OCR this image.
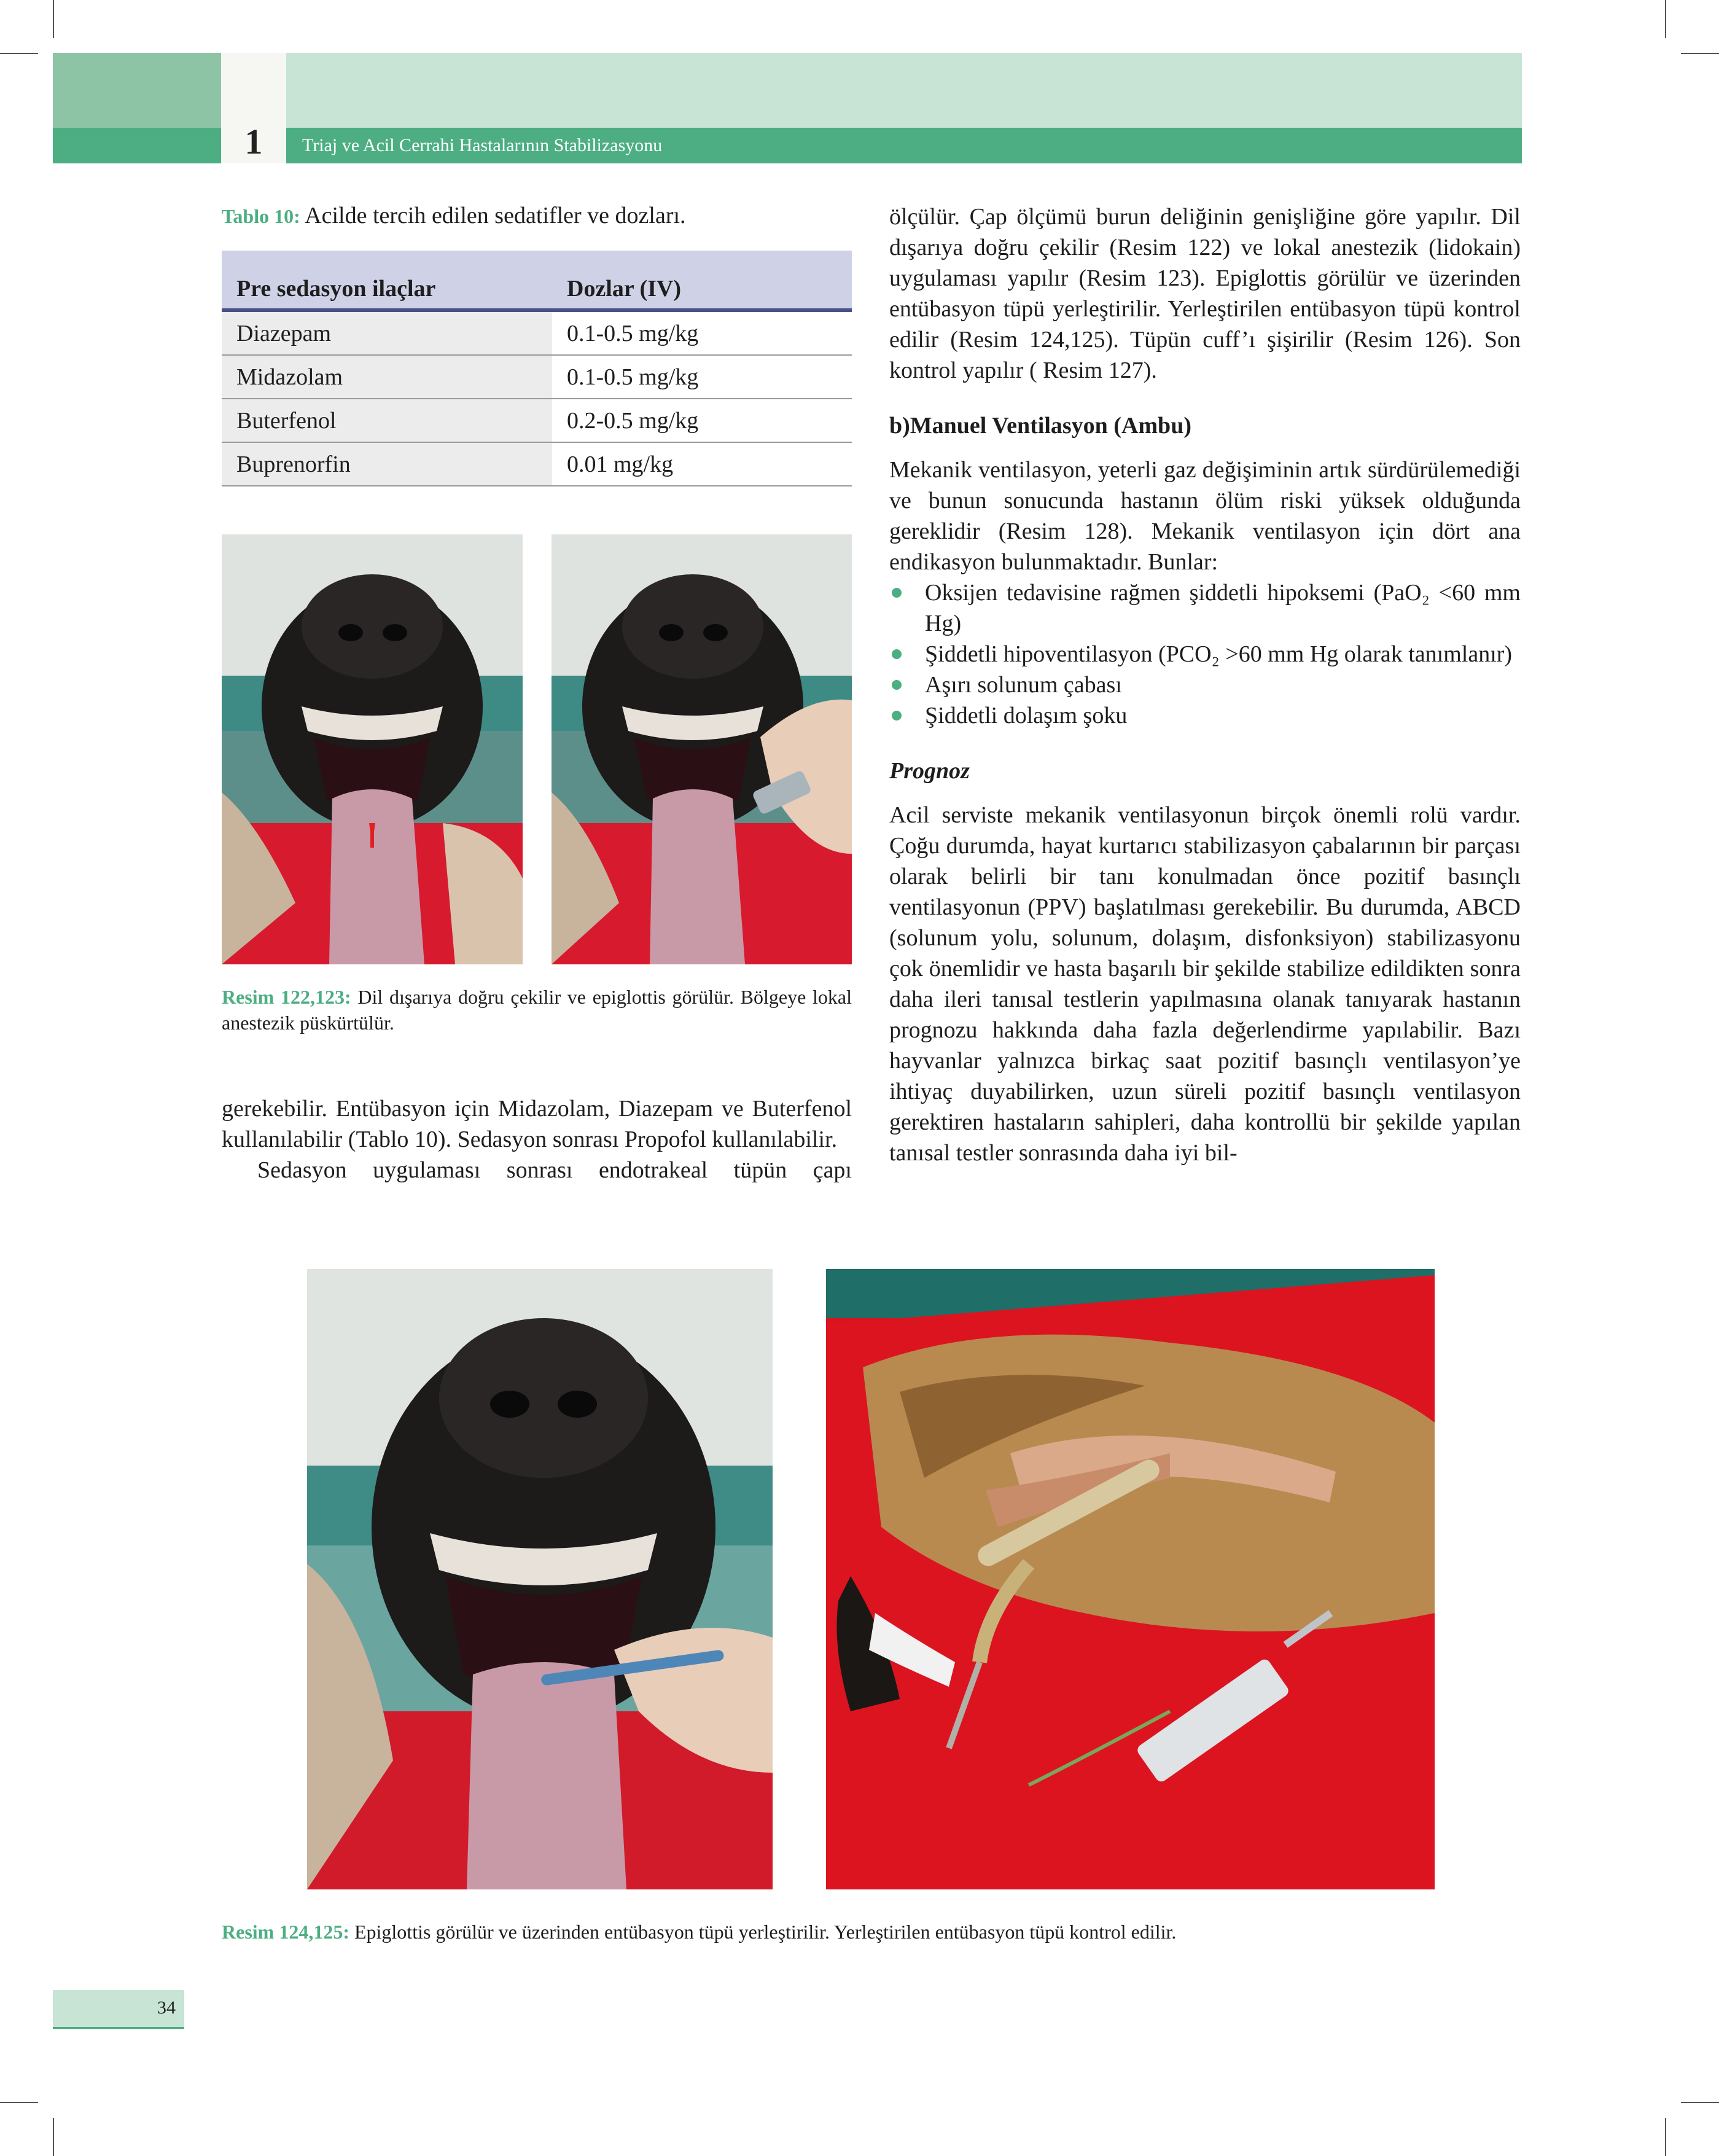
1	Triaj ve Acil Cerrahi Hastalarının Stabilizasyonu
Tablo 10: Acilde tercih edilen sedatifler ve dozları.
Pre sedasyon ilaçlar	Dozlar (IV)
Diazepam	0.1-0.5 mg/kg
Midazolam	0.1-0.5 mg/kg
Buterfenol	0.2-0.5 mg/kg
Buprenorfin	0.01 mg/kg
Resim 122,123: Dil dışarıya doğru çekilir ve epiglottis görülür. Bölgeye lokal anestezik püskürtülür.
gerekebilir. Entübasyon için Midazolam, Diazepam ve Buterfenol kullanılabilir (Tablo 10). Sedasyon sonrası Propofol kullanılabilir.
Sedasyon uygulaması sonrası endotrakeal tüpün çapı
ölçülür. Çap ölçümü burun deliğinin genişliğine göre yapılır. Dil dışarıya doğru çekilir (Resim 122) ve lokal anestezik (lidokain) uygulaması yapılır (Resim 123). Epiglottis görülür ve üzerinden entübasyon tüpü yerleştirilir. Yerleştirilen entübasyon tüpü kontrol edilir (Resim 124,125). Tüpün cuff’ı şişirilir (Resim 126). Son kontrol yapılır ( Resim 127).
b)Manuel Ventilasyon (Ambu)
Mekanik ventilasyon, yeterli gaz değişiminin artık sürdürülemediği ve bunun sonucunda hastanın ölüm riski yüksek olduğunda gereklidir (Resim 128). Mekanik ventilasyon için dört ana endikasyon bulunmaktadır. Bunlar:
Oksijen tedavisine rağmen şiddetli hipoksemi (PaO₂ <60 mm Hg)
Şiddetli hipoventilasyon (PCO₂ >60 mm Hg olarak tanımlanır)
Aşırı solunum çabası
Şiddetli dolaşım şoku
Prognoz
Acil serviste mekanik ventilasyonun birçok önemli rolü vardır. Çoğu durumda, hayat kurtarıcı stabilizasyon çabalarının bir parçası olarak belirli bir tanı konulmadan önce pozitif basınçlı ventilasyonun (PPV) başlatılması gerekebilir. Bu durumda, ABCD (solunum yolu, solunum, dolaşım, disfonksiyon) stabilizasyonu çok önemlidir ve hasta başarılı bir şekilde stabilize edildikten sonra daha ileri tanısal testlerin yapılmasına olanak tanıyarak hastanın prognozu hakkında daha fazla değerlendirme yapılabilir. Bazı hayvanlar yalnızca birkaç saat pozitif basınçlı ventilasyon’ye ihtiyaç duyabilirken, uzun süreli pozitif basınçlı ventilasyon gerektiren hastaların sahipleri, daha kontrollü bir şekilde yapılan tanısal testler sonrasında daha iyi bil-
Resim 124,125: Epiglottis görülür ve üzerinden entübasyon tüpü yerleştirilir. Yerleştirilen entübasyon tüpü kontrol edilir.
34
